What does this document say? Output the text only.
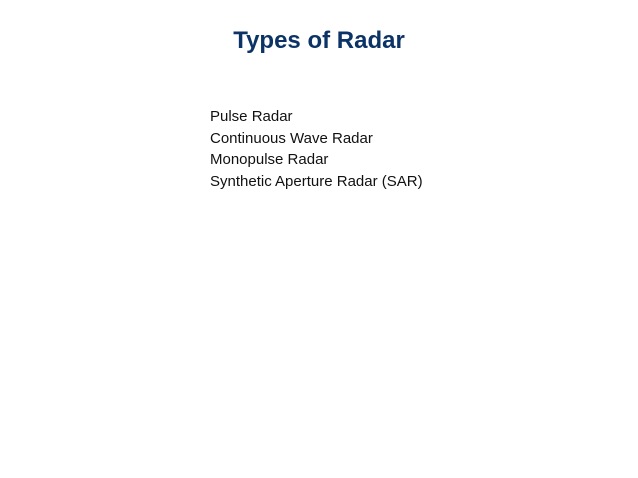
Types of Radar
Pulse Radar
Continuous Wave Radar
Monopulse Radar
Synthetic Aperture Radar (SAR)
